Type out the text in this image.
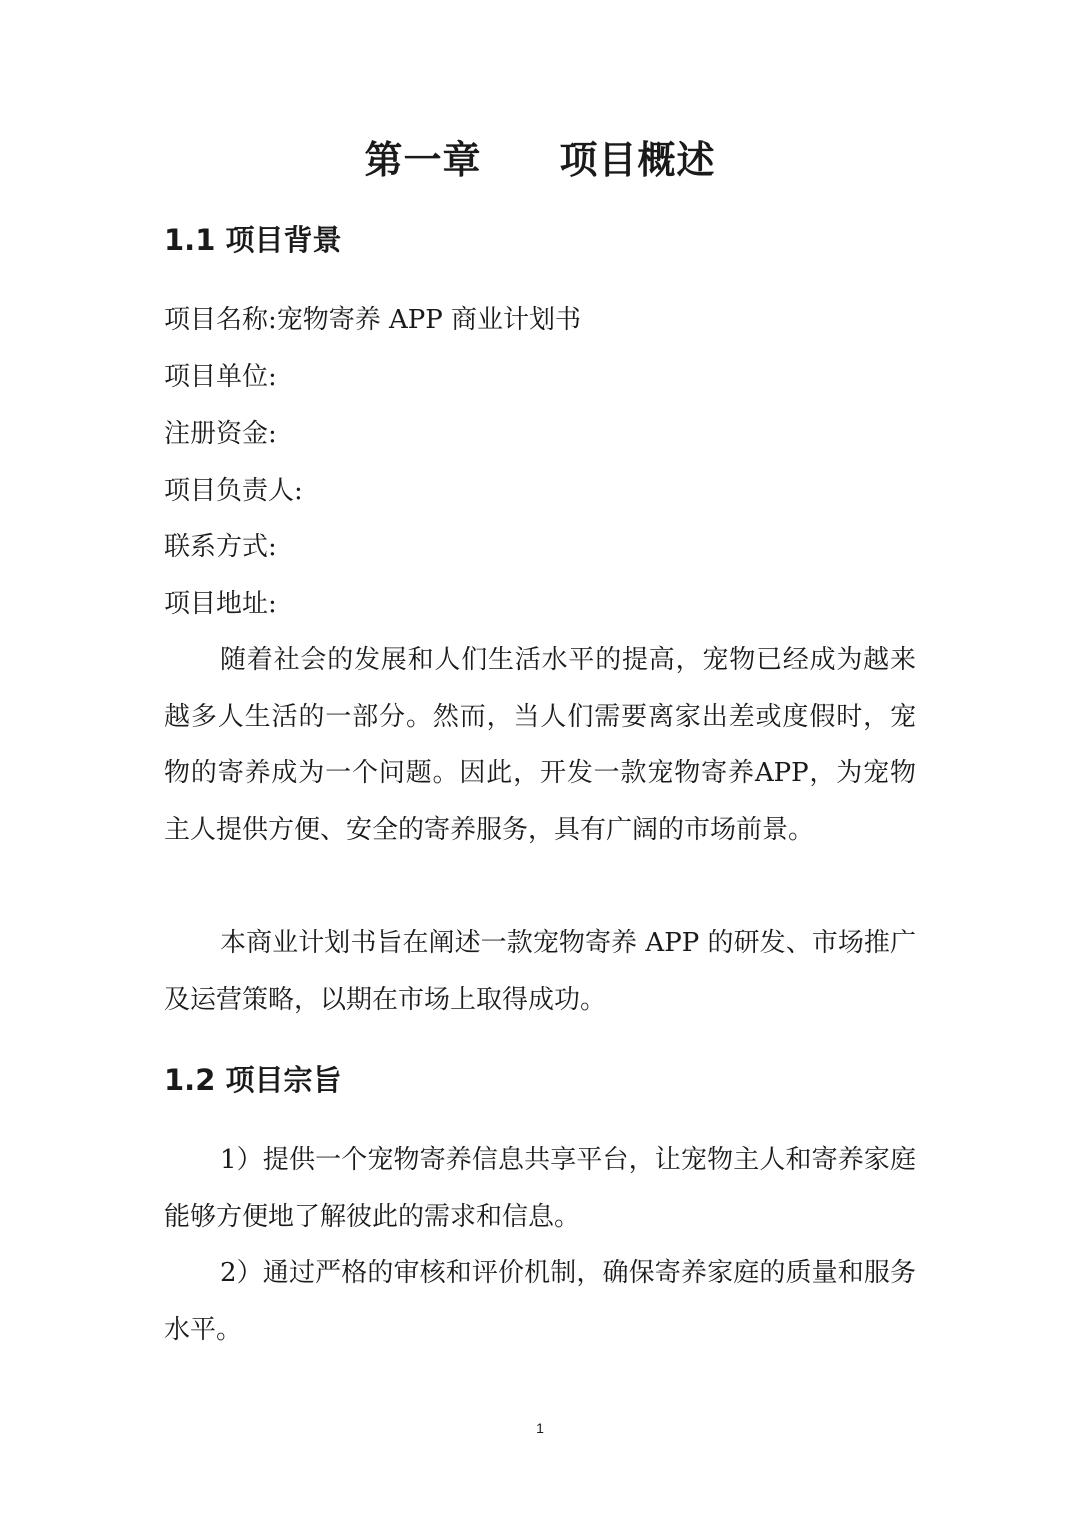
第一章 项目概述
1.1 项目背景
项目名称:宠物寄养 APP 商业计划书
项目单位:
注册资金:
项目负责人:
联系方式:
项目地址:

随着社会的发展和人们生活水平的提高，宠物已经成为越来越多人生活的一部分。然而，当人们需要离家出差或度假时，宠物的寄养成为一个问题。因此，开发一款宠物寄养APP，为宠物主人提供方便、安全的寄养服务，具有广阔的市场前景。

本商业计划书旨在阐述一款宠物寄养 APP 的研发、市场推广及运营策略，以期在市场上取得成功。

1.2 项目宗旨

1）提供一个宠物寄养信息共享平台，让宠物主人和寄养家庭能够方便地了解彼此的需求和信息。

2）通过严格的审核和评价机制，确保寄养家庭的质量和服务水平。

1
